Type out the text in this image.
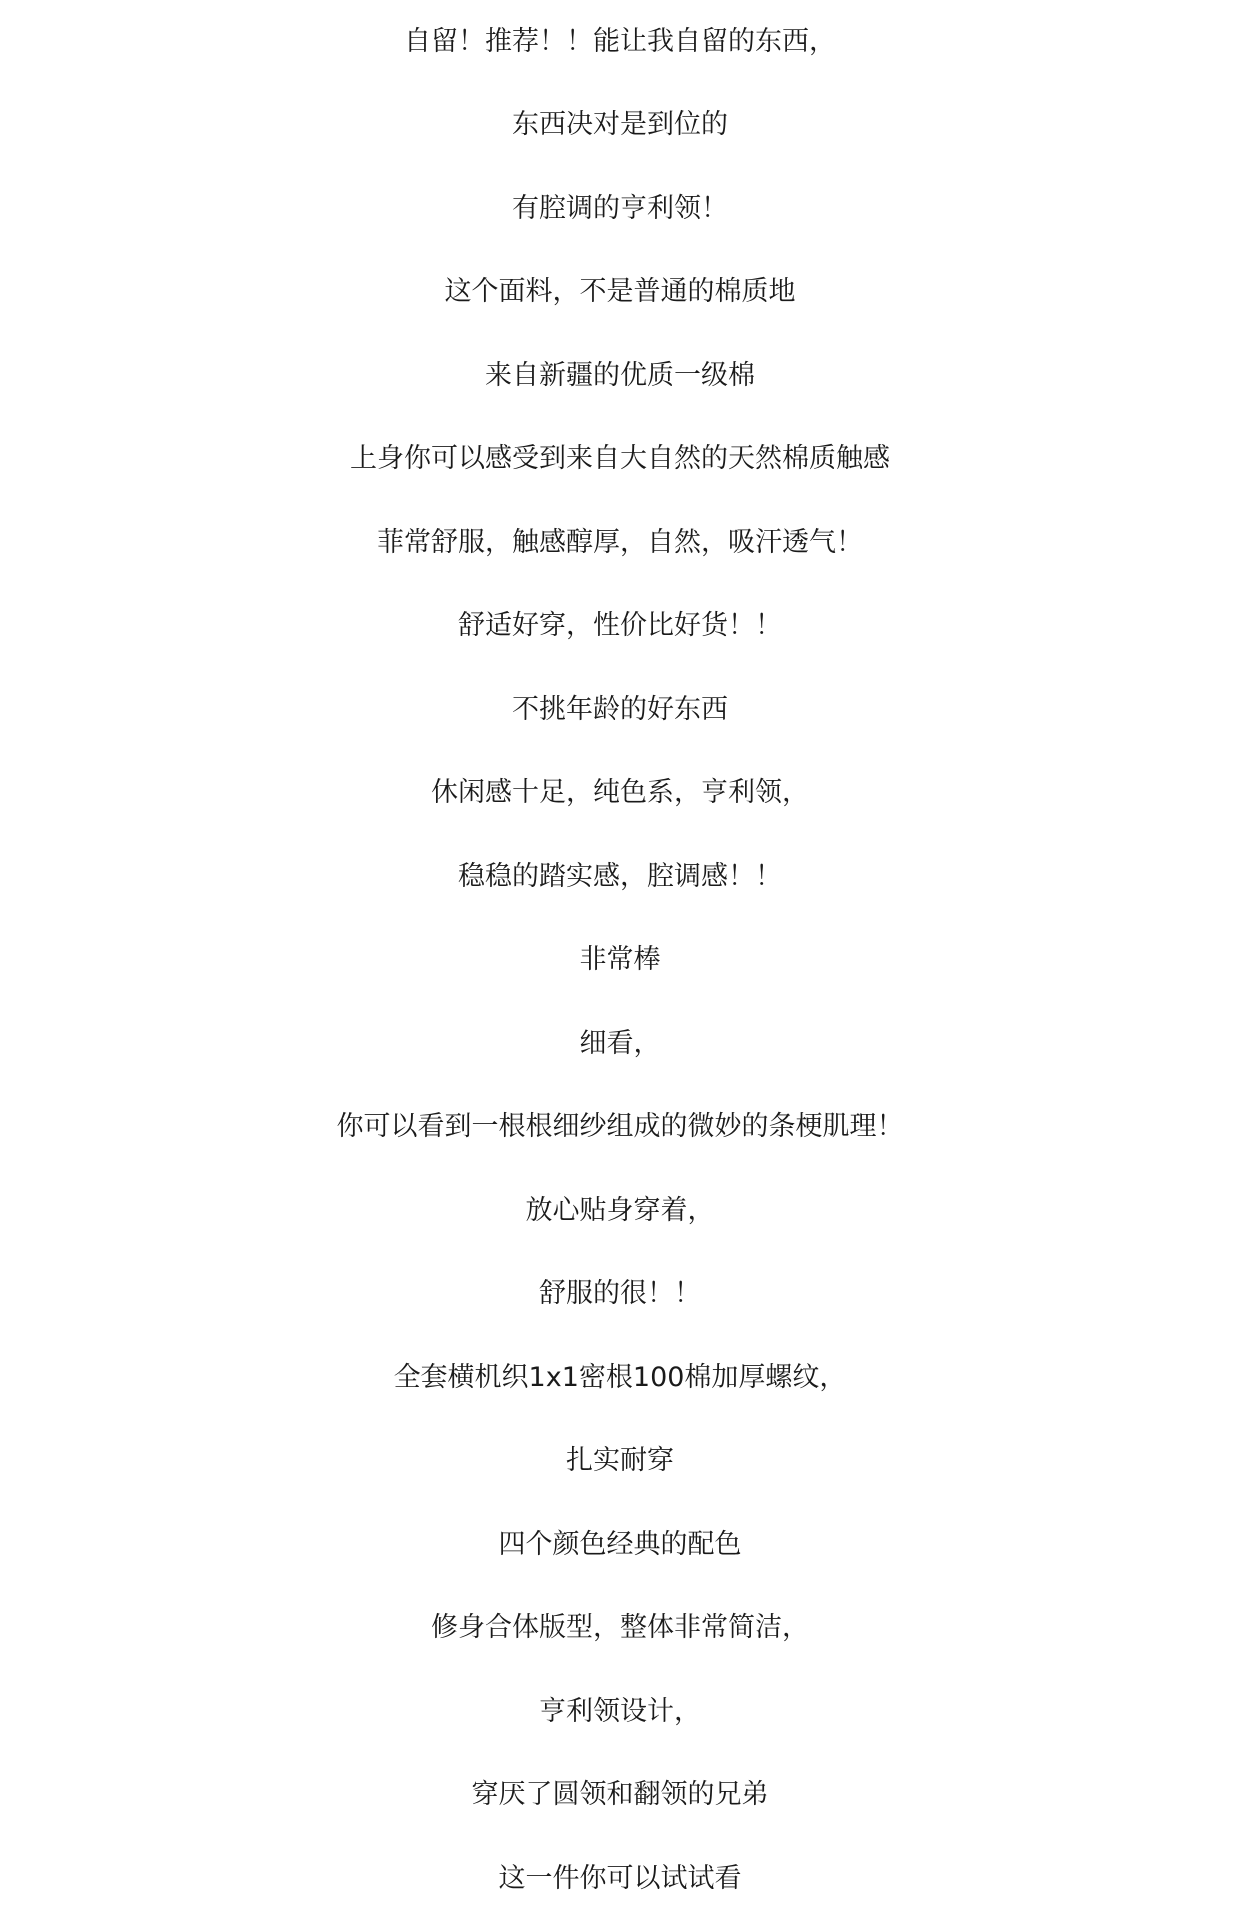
自留！推荐！！能让我自留的东西，
东西决对是到位的
有腔调的亨利领！
这个面料，不是普通的棉质地
来自新疆的优质一级棉
上身你可以感受到来自大自然的天然棉质触感
菲常舒服，触感醇厚，自然，吸汗透气！
舒适好穿，性价比好货！！
不挑年龄的好东西
休闲感十足，纯色系，亨利领，
稳稳的踏实感，腔调感！！
非常棒
细看，
你可以看到一根根细纱组成的微妙的条梗肌理！
放心贴身穿着，
舒服的很！！
全套横机织1x1密根100棉加厚螺纹，
扎实耐穿
四个颜色经典的配色
修身合体版型，整体非常简洁，
亨利领设计，
穿厌了圆领和翻领的兄弟
这一件你可以试试看
